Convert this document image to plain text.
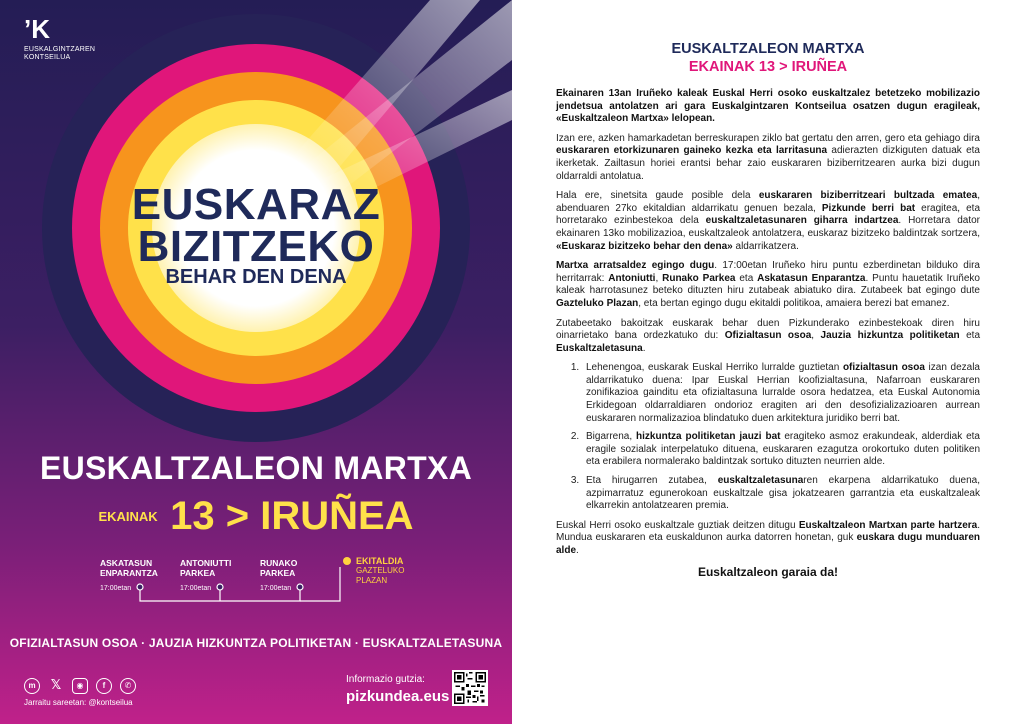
’K
EUSKALGINTZAREN
KONTSEILUA
EUSKARAZ
BIZITZEKO
BEHAR DEN DENA
EUSKALTZALEON MARTXA
EKAINAK 13 > IRUÑEA
ASKATASUN
ENPARANTZA
17:00etan
ANTONIUTTI
PARKEA
17:00etan
RUNAKO
PARKEA
17:00etan
EKITALDIA
GAZTELUKO
PLAZAN
OFIZIALTASUN OSOA · JAUZIA HIZKUNTZA POLITIKETAN · EUSKALTZALETASUNA
m	𝕏	◉	f	✆
Jarraitu sareetan: @kontseilua
Informazio gutzia:
pizkundea.eus
EUSKALTZALEON MARTXA
EKAINAK 13 > IRUÑEA

Ekainaren 13an Iruñeko kaleak Euskal Herri osoko euskaltzalez betetzeko mobilizazio jendetsua antolatzen ari gara Euskalgintzaren Kontseilua osatzen dugun eragileak, «Euskaltzaleon Martxa» lelopean.

Izan ere, azken hamarkadetan berreskurapen ziklo bat gertatu den arren, gero eta gehiago dira euskararen etorkizunaren gaineko kezka eta larritasuna adierazten dizkiguten datuak eta ikerketak. Zailtasun horiei erantsi behar zaio euskararen biziberritzearen aurka bizi dugun oldarraldi antolatua.

Hala ere, sinetsita gaude posible dela euskararen biziberritzeari bultzada ematea, abenduaren 27ko ekitaldian aldarrikatu genuen bezala, Pizkunde berri bat eragitea, eta horretarako ezinbestekoa dela euskaltzaletasunaren giharra indartzea. Horretara dator ekainaren 13ko mobilizazioa, euskaltzaleok antolatzera, euskaraz bizitzeko baldintzak sortzera, «Euskaraz bizitzeko behar den dena» aldarrikatzera.

Martxa arratsaldez egingo dugu. 17:00etan Iruñeko hiru puntu ezberdinetan bilduko dira herritarrak: Antoniutti, Runako Parkea eta Askatasun Enparantza. Puntu hauetatik Iruñeko kaleak harrotasunez beteko dituzten hiru zutabeak abiatuko dira. Zutabeek bat egingo dute Gazteluko Plazan, eta bertan egingo dugu ekitaldi politikoa, amaiera berezi bat emanez.

Zutabeetako bakoitzak euskarak behar duen Pizkunderako ezinbestekoak diren hiru oinarrietako bana ordezkatuko du: Ofizialtasun osoa, Jauzia hizkuntza politiketan eta Euskaltzaletasuna.

1. Lehenengoa, euskarak Euskal Herriko lurralde guztietan ofizialtasun osoa izan dezala aldarrikatuko duena: Ipar Euskal Herrian koofizialtasuna, Nafarroan euskararen zonifikazioa gainditu eta ofizialtasuna lurralde osora hedatzea, eta Euskal Autonomia Erkidegoan oldarraldiaren ondorioz eragiten ari den desofizializazioaren aurrean euskararen normalizazioa blindatuko duen arkitektura juridiko berri bat.
2. Bigarrena, hizkuntza politiketan jauzi bat eragiteko asmoz erakundeak, alderdiak eta eragile sozialak interpelatuko dituena, euskararen ezagutza orokortuko duten politiken eta erabilera normalerako baldintzak sortuko dituzten neurrien alde.
3. Eta hirugarren zutabea, euskaltzaletasunaren ekarpena aldarrikatuko duena, azpimarratuz egunerokoan euskaltzale gisa jokatzearen garrantzia eta euskaltzaleak elkarrekin antolatzearen premia.

Euskal Herri osoko euskaltzale guztiak deitzen ditugu Euskaltzaleon Martxan parte hartzera. Mundua euskararen eta euskaldunon aurka datorren honetan, guk euskara dugu munduaren alde.

Euskaltzaleon garaia da!
